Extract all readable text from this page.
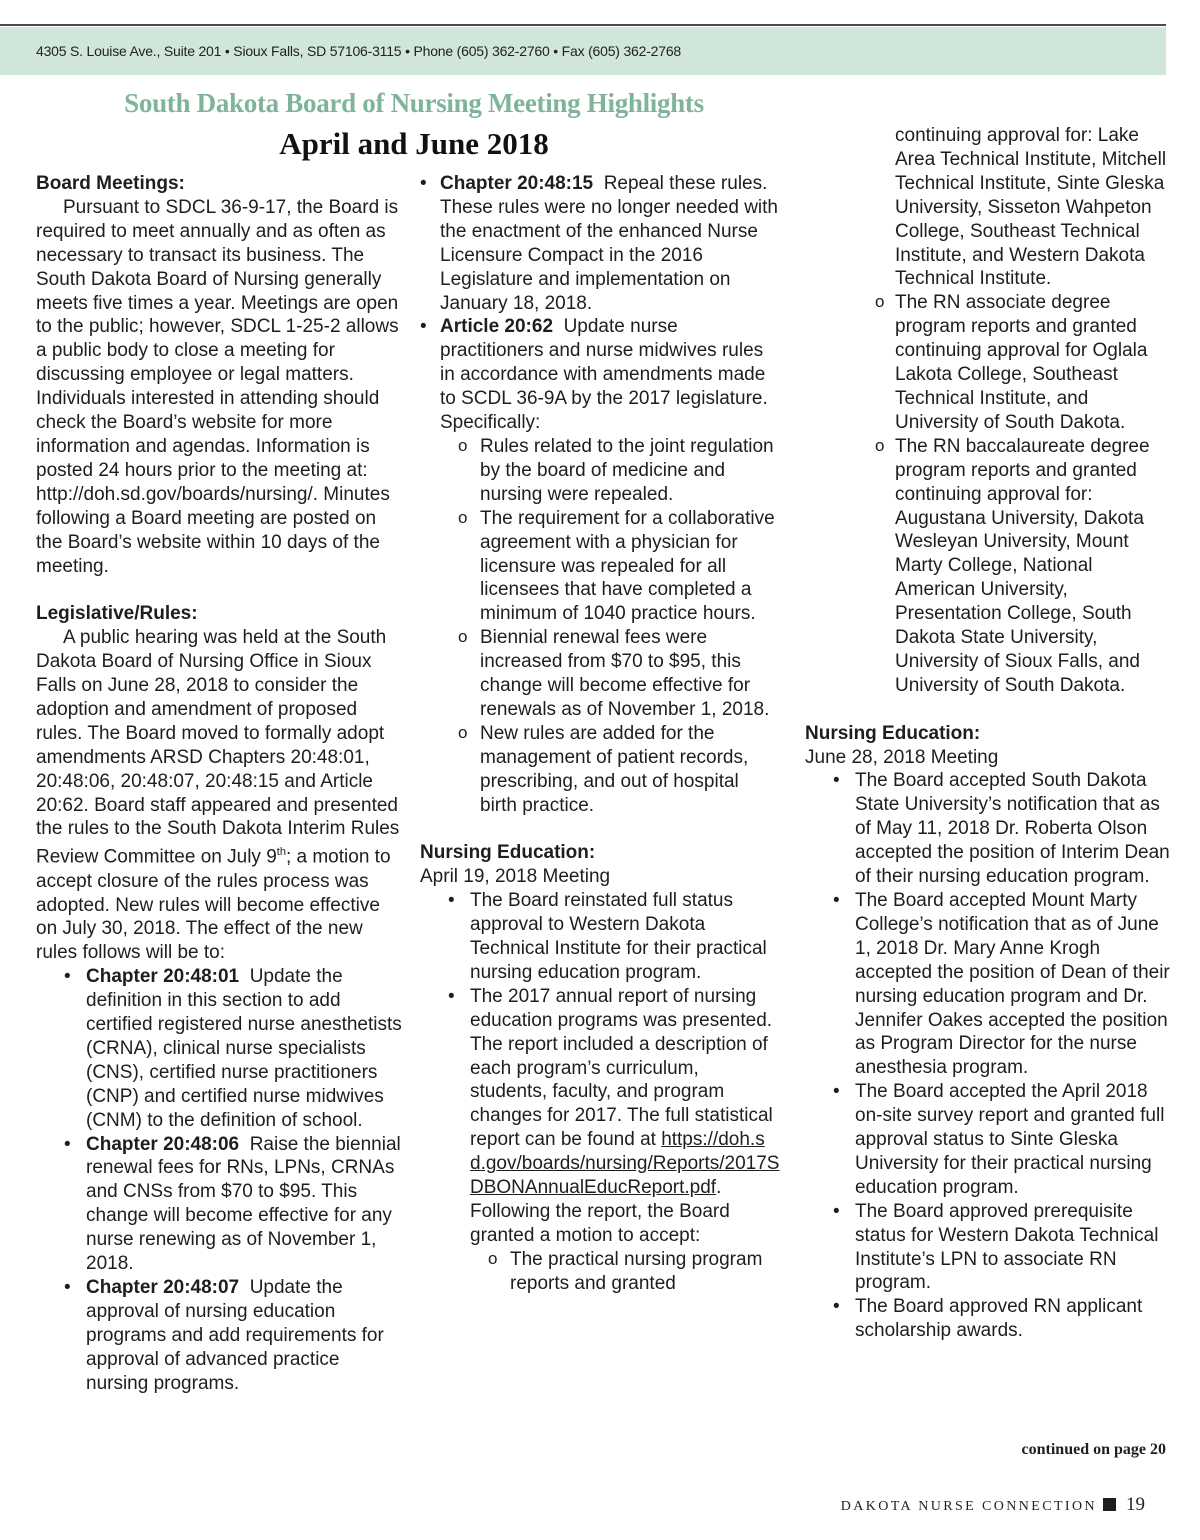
4305 S. Louise Ave., Suite 201 • Sioux Falls, SD 57106-3115 • Phone (605) 362-2760 • Fax (605) 362-2768
South Dakota Board of Nursing Meeting Highlights
April and June 2018

Board Meetings:

Pursuant to SDCL 36-9-17, the Board is required to meet annually and as often as necessary to transact its business. The South Dakota Board of Nursing generally meets five times a year. Meetings are open to the public; however, SDCL 1-25-2 allows a public body to close a meeting for discussing employee or legal matters. Individuals interested in attending should check the Board’s website for more information and agendas. Information is posted 24 hours prior to the meeting at: http://doh.sd.gov/boards/nursing/. Minutes following a Board meeting are posted on the Board’s website within 10 days of the meeting.

Legislative/Rules:

A public hearing was held at the South Dakota Board of Nursing Office in Sioux Falls on June 28, 2018 to consider the adoption and amendment of proposed rules. The Board moved to formally adopt amendments ARSD Chapters 20:48:01, 20:48:06, 20:48:07, 20:48:15 and Article 20:62. Board staff appeared and presented the rules to the South Dakota Interim Rules Review Committee on July 9th; a motion to accept closure of the rules process was adopted. New rules will become effective on July 30, 2018. The effect of the new rules follows will be to:

• Chapter 20:48:01 Update the definition in this section to add certified registered nurse anesthetists (CRNA), clinical nurse specialists (CNS), certified nurse practitioners (CNP) and certified nurse midwives (CNM) to the definition of school.
• Chapter 20:48:06 Raise the biennial renewal fees for RNs, LPNs, CRNAs and CNSs from $70 to $95. This change will become effective for any nurse renewing as of November 1, 2018.
• Chapter 20:48:07 Update the approval of nursing education programs and add requirements for approval of advanced practice nursing programs.
• Chapter 20:48:15 Repeal these rules. These rules were no longer needed with the enactment of the enhanced Nurse Licensure Compact in the 2016 Legislature and implementation on January 18, 2018.
• Article 20:62 Update nurse practitioners and nurse midwives rules in accordance with amendments made to SCDL 36-9A by the 2017 legislature. Specifically:
o Rules related to the joint regulation by the board of medicine and nursing were repealed.
o The requirement for a collaborative agreement with a physician for licensure was repealed for all licensees that have completed a minimum of 1040 practice hours.
o Biennial renewal fees were increased from $70 to $95, this change will become effective for renewals as of November 1, 2018.
o New rules are added for the management of patient records, prescribing, and out of hospital birth practice.

Nursing Education:

April 19, 2018 Meeting

• The Board reinstated full status approval to Western Dakota Technical Institute for their practical nursing education program.
• The 2017 annual report of nursing education programs was presented. The report included a description of each program’s curriculum, students, faculty, and program changes for 2017. The full statistical report can be found at https://doh.sd.gov/boards/nursing/Reports/2017SDBONAnnualEducReport.pdf. Following the report, the Board granted a motion to accept:
o The practical nursing program reports and granted

continuing approval for: Lake Area Technical Institute, Mitchell Technical Institute, Sinte Gleska University, Sisseton Wahpeton College, Southeast Technical Institute, and Western Dakota Technical Institute.

o The RN associate degree program reports and granted continuing approval for Oglala Lakota College, Southeast Technical Institute, and University of South Dakota.
o The RN baccalaureate degree program reports and granted continuing approval for: Augustana University, Dakota Wesleyan University, Mount Marty College, National American University, Presentation College, South Dakota State University, University of Sioux Falls, and University of South Dakota.

Nursing Education:

June 28, 2018 Meeting

• The Board accepted South Dakota State University’s notification that as of May 11, 2018 Dr. Roberta Olson accepted the position of Interim Dean of their nursing education program.
• The Board accepted Mount Marty College’s notification that as of June 1, 2018 Dr. Mary Anne Krogh accepted the position of Dean of their nursing education program and Dr. Jennifer Oakes accepted the position as Program Director for the nurse anesthesia program.
• The Board accepted the April 2018 on-site survey report and granted full approval status to Sinte Gleska University for their practical nursing education program.
• The Board approved prerequisite status for Western Dakota Technical Institute’s LPN to associate RN program.
• The Board approved RN applicant scholarship awards.
continued on page 20
DAKOTA NURSE CONNECTION 19
